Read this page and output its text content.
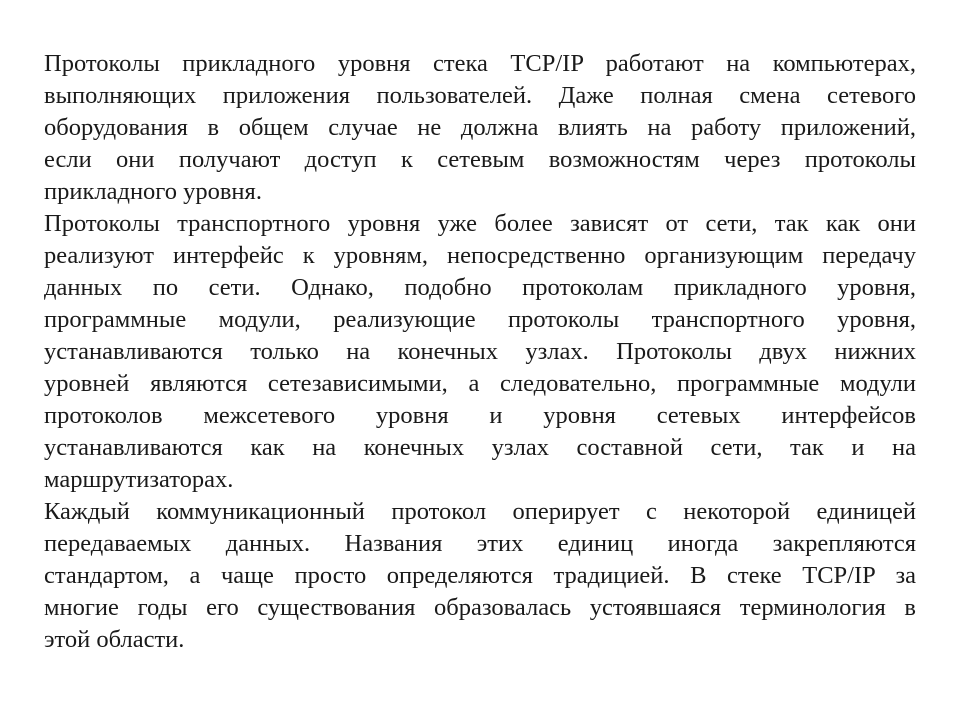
Протоколы прикладного уровня стека TCP/IP работают на компьютерах,
выполняющих приложения пользователей. Даже полная смена сетевого
оборудования в общем случае не должна влиять на работу приложений,
если они получают доступ к сетевым возможностям через протоколы
прикладного уровня.
Протоколы транспортного уровня уже более зависят от сети, так как они
реализуют интерфейс к уровням, непосредственно организующим передачу
данных по сети. Однако, подобно протоколам прикладного уровня,
программные модули, реализующие протоколы транспортного уровня,
устанавливаются только на конечных узлах. Протоколы двух нижних
уровней являются сетезависимыми, а следовательно, программные модули
протоколов межсетевого уровня и уровня сетевых интерфейсов
устанавливаются как на конечных узлах составной сети, так и на
маршрутизаторах.
Каждый коммуникационный протокол оперирует с некоторой единицей
передаваемых данных. Названия этих единиц иногда закрепляются
стандартом, а чаще просто определяются традицией. В стеке TCP/IP за
многие годы его существования образовалась устоявшаяся терминология в
этой области.
